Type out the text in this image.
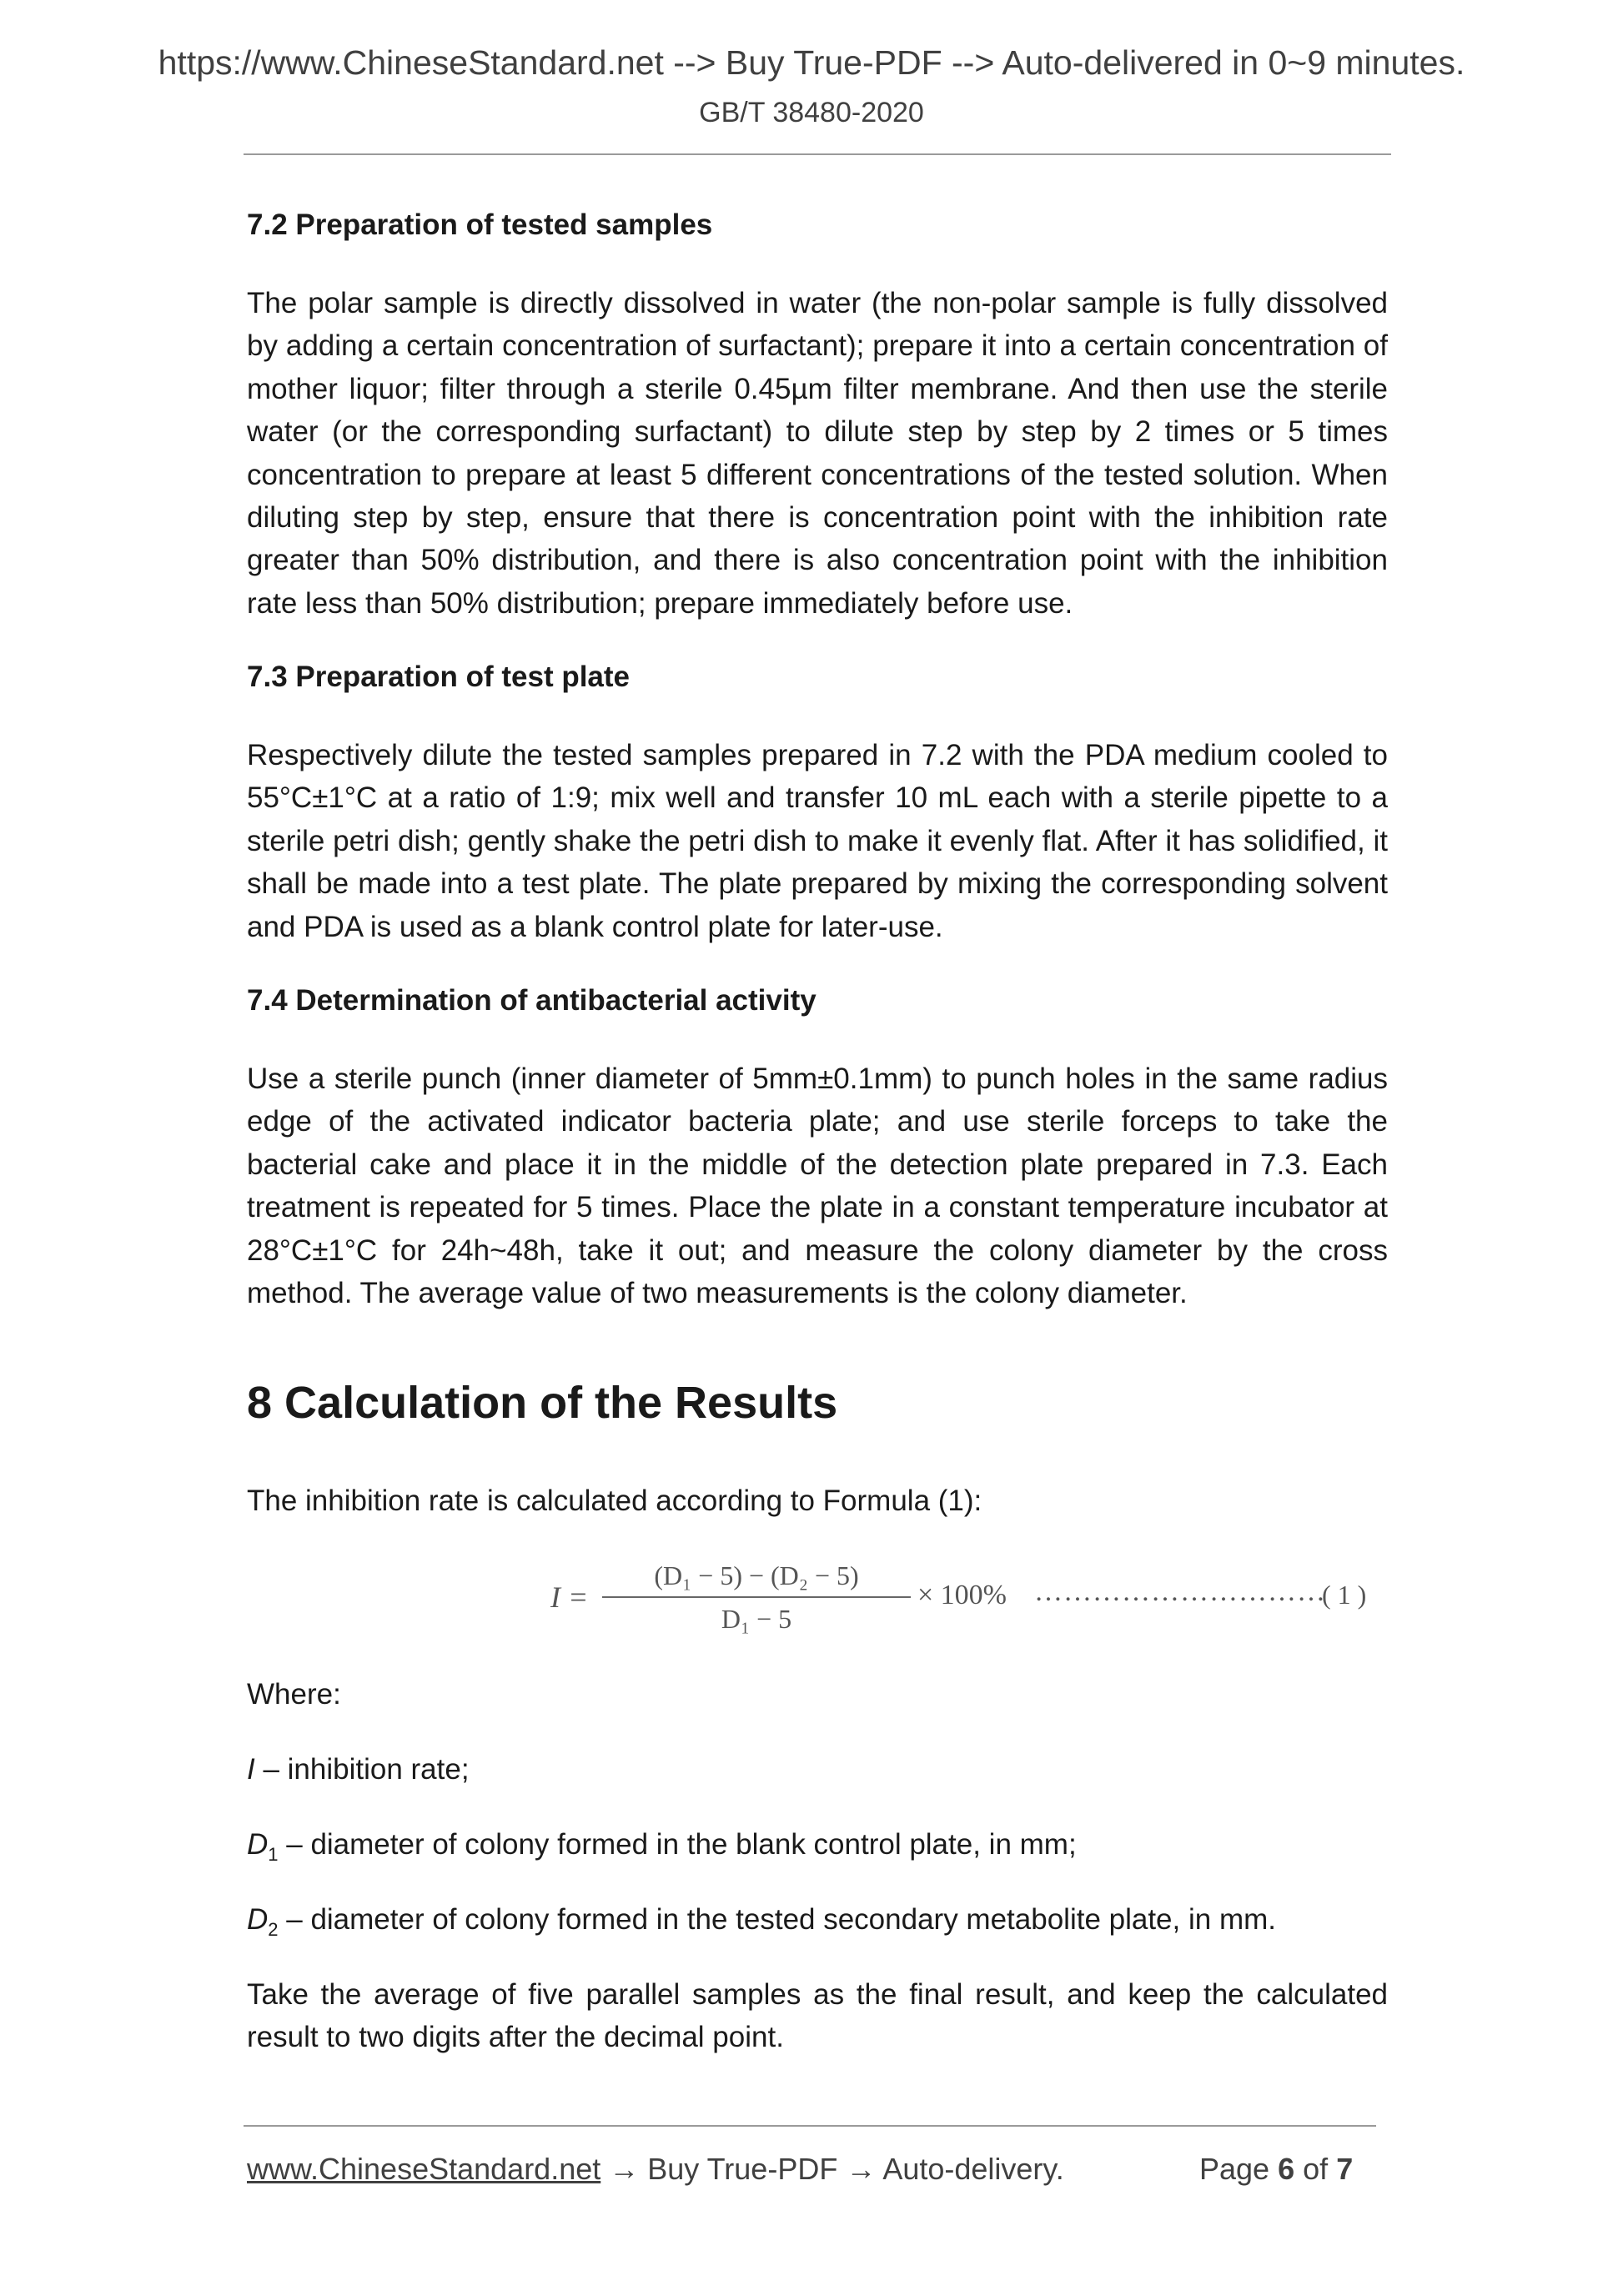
https://www.ChineseStandard.net --> Buy True-PDF --> Auto-delivered in 0~9 minutes.
GB/T 38480-2020
7.2 Preparation of tested samples

The polar sample is directly dissolved in water (the non-polar sample is fully dissolved by adding a certain concentration of surfactant); prepare it into a certain concentration of mother liquor; filter through a sterile 0.45µm filter membrane. And then use the sterile water (or the corresponding surfactant) to dilute step by step by 2 times or 5 times concentration to prepare at least 5 different concentrations of the tested solution. When diluting step by step, ensure that there is concentration point with the inhibition rate greater than 50% distribution, and there is also concentration point with the inhibition rate less than 50% distribution; prepare immediately before use.

7.3 Preparation of test plate

Respectively dilute the tested samples prepared in 7.2 with the PDA medium cooled to 55°C±1°C at a ratio of 1:9; mix well and transfer 10 mL each with a sterile pipette to a sterile petri dish; gently shake the petri dish to make it evenly flat. After it has solidified, it shall be made into a test plate. The plate prepared by mixing the corresponding solvent and PDA is used as a blank control plate for later-use.

7.4 Determination of antibacterial activity

Use a sterile punch (inner diameter of 5mm±0.1mm) to punch holes in the same radius edge of the activated indicator bacteria plate; and use sterile forceps to take the bacterial cake and place it in the middle of the detection plate prepared in 7.3. Each treatment is repeated for 5 times. Place the plate in a constant temperature incubator at 28°C±1°C for 24h~48h, take it out; and measure the colony diameter by the cross method. The average value of two measurements is the colony diameter.

8 Calculation of the Results

The inhibition rate is calculated according to Formula (1):

I =
(D₁ − 5) − (D₂ − 5)
D₁ − 5
× 100% …………………………
( 1 )

Where:

I – inhibition rate;

$D_1$ – diameter of colony formed in the blank control plate, in mm;

$D_2$ – diameter of colony formed in the tested secondary metabolite plate, in mm.

Take the average of five parallel samples as the final result, and keep the calculated result to two digits after the decimal point.

www.ChineseStandard.net → Buy True-PDF → Auto-delivery.	Page 6 of 7
